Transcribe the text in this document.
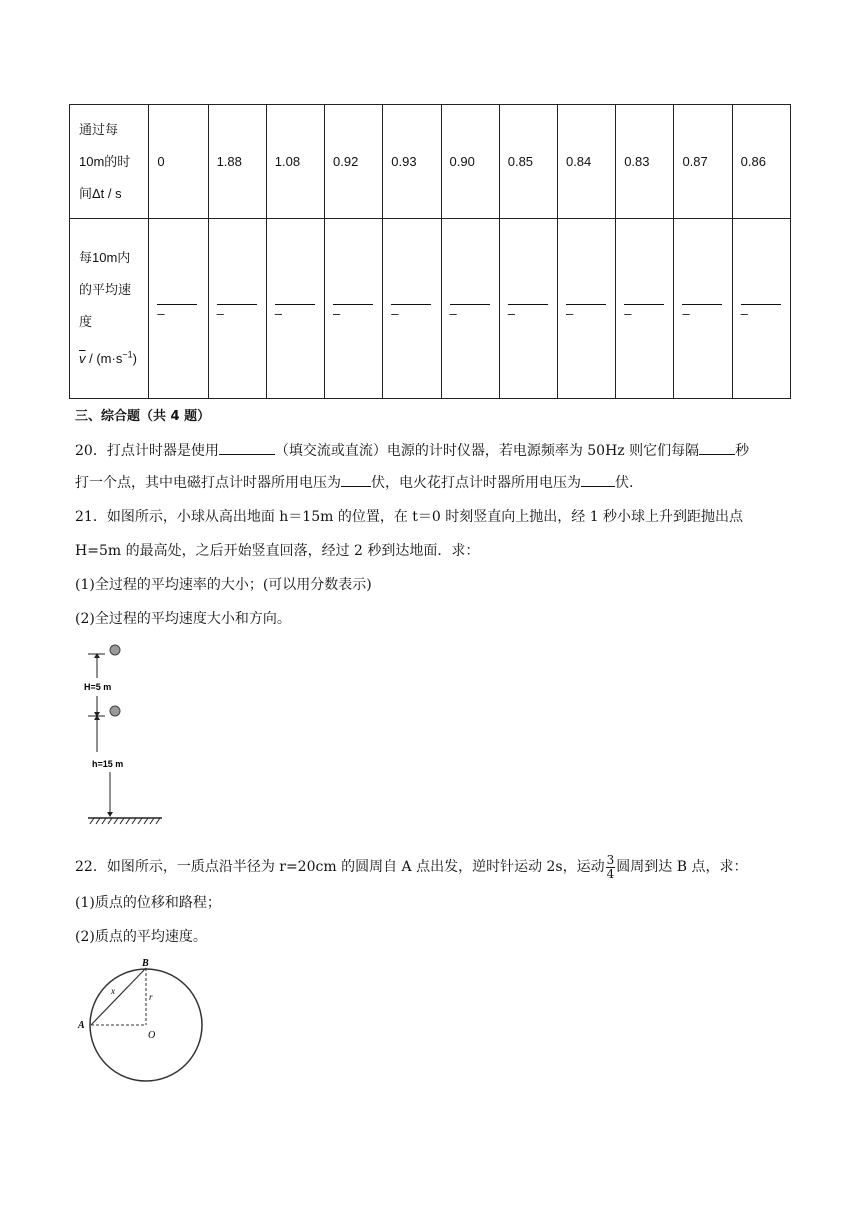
通过每
10m的时
间Δt / s	0	1.88	1.08	0.92	0.93	0.90	0.85	0.84	0.83	0.87	0.86
每10m内
的平均速
度
$\overline{v} / (m\cdot s^{-1})$	–	–	–	–	–	–	–	–	–	–	–
三、综合题（共 4 题）
20．打点计时器是使用	（填交流或直流）电源的计时仪器，若电源频率为 50Hz 则它们每隔	秒
打一个点，其中电磁打点计时器所用电压为 伏，电火花打点计时器所用电压为 伏.
21．如图所示，小球从高出地面 h＝15m 的位置，在 t＝0 时刻竖直向上抛出，经 1 秒小球上升到距抛出点
H=5m 的最高处，之后开始竖直回落，经过 2 秒到达地面．求：
(1)全过程的平均速率的大小；(可以用分数表示)
(2)全过程的平均速度大小和方向。
H=5 m
h=15 m
22．如图所示，一质点沿半径为 r=20cm 的圆周自 A 点出发，逆时针运动 2s，运动 $\frac{3}{4}$ 圆周到达 B 点，求：
(1)质点的位移和路程；
(2)质点的平均速度。
B
A
O
r
x
